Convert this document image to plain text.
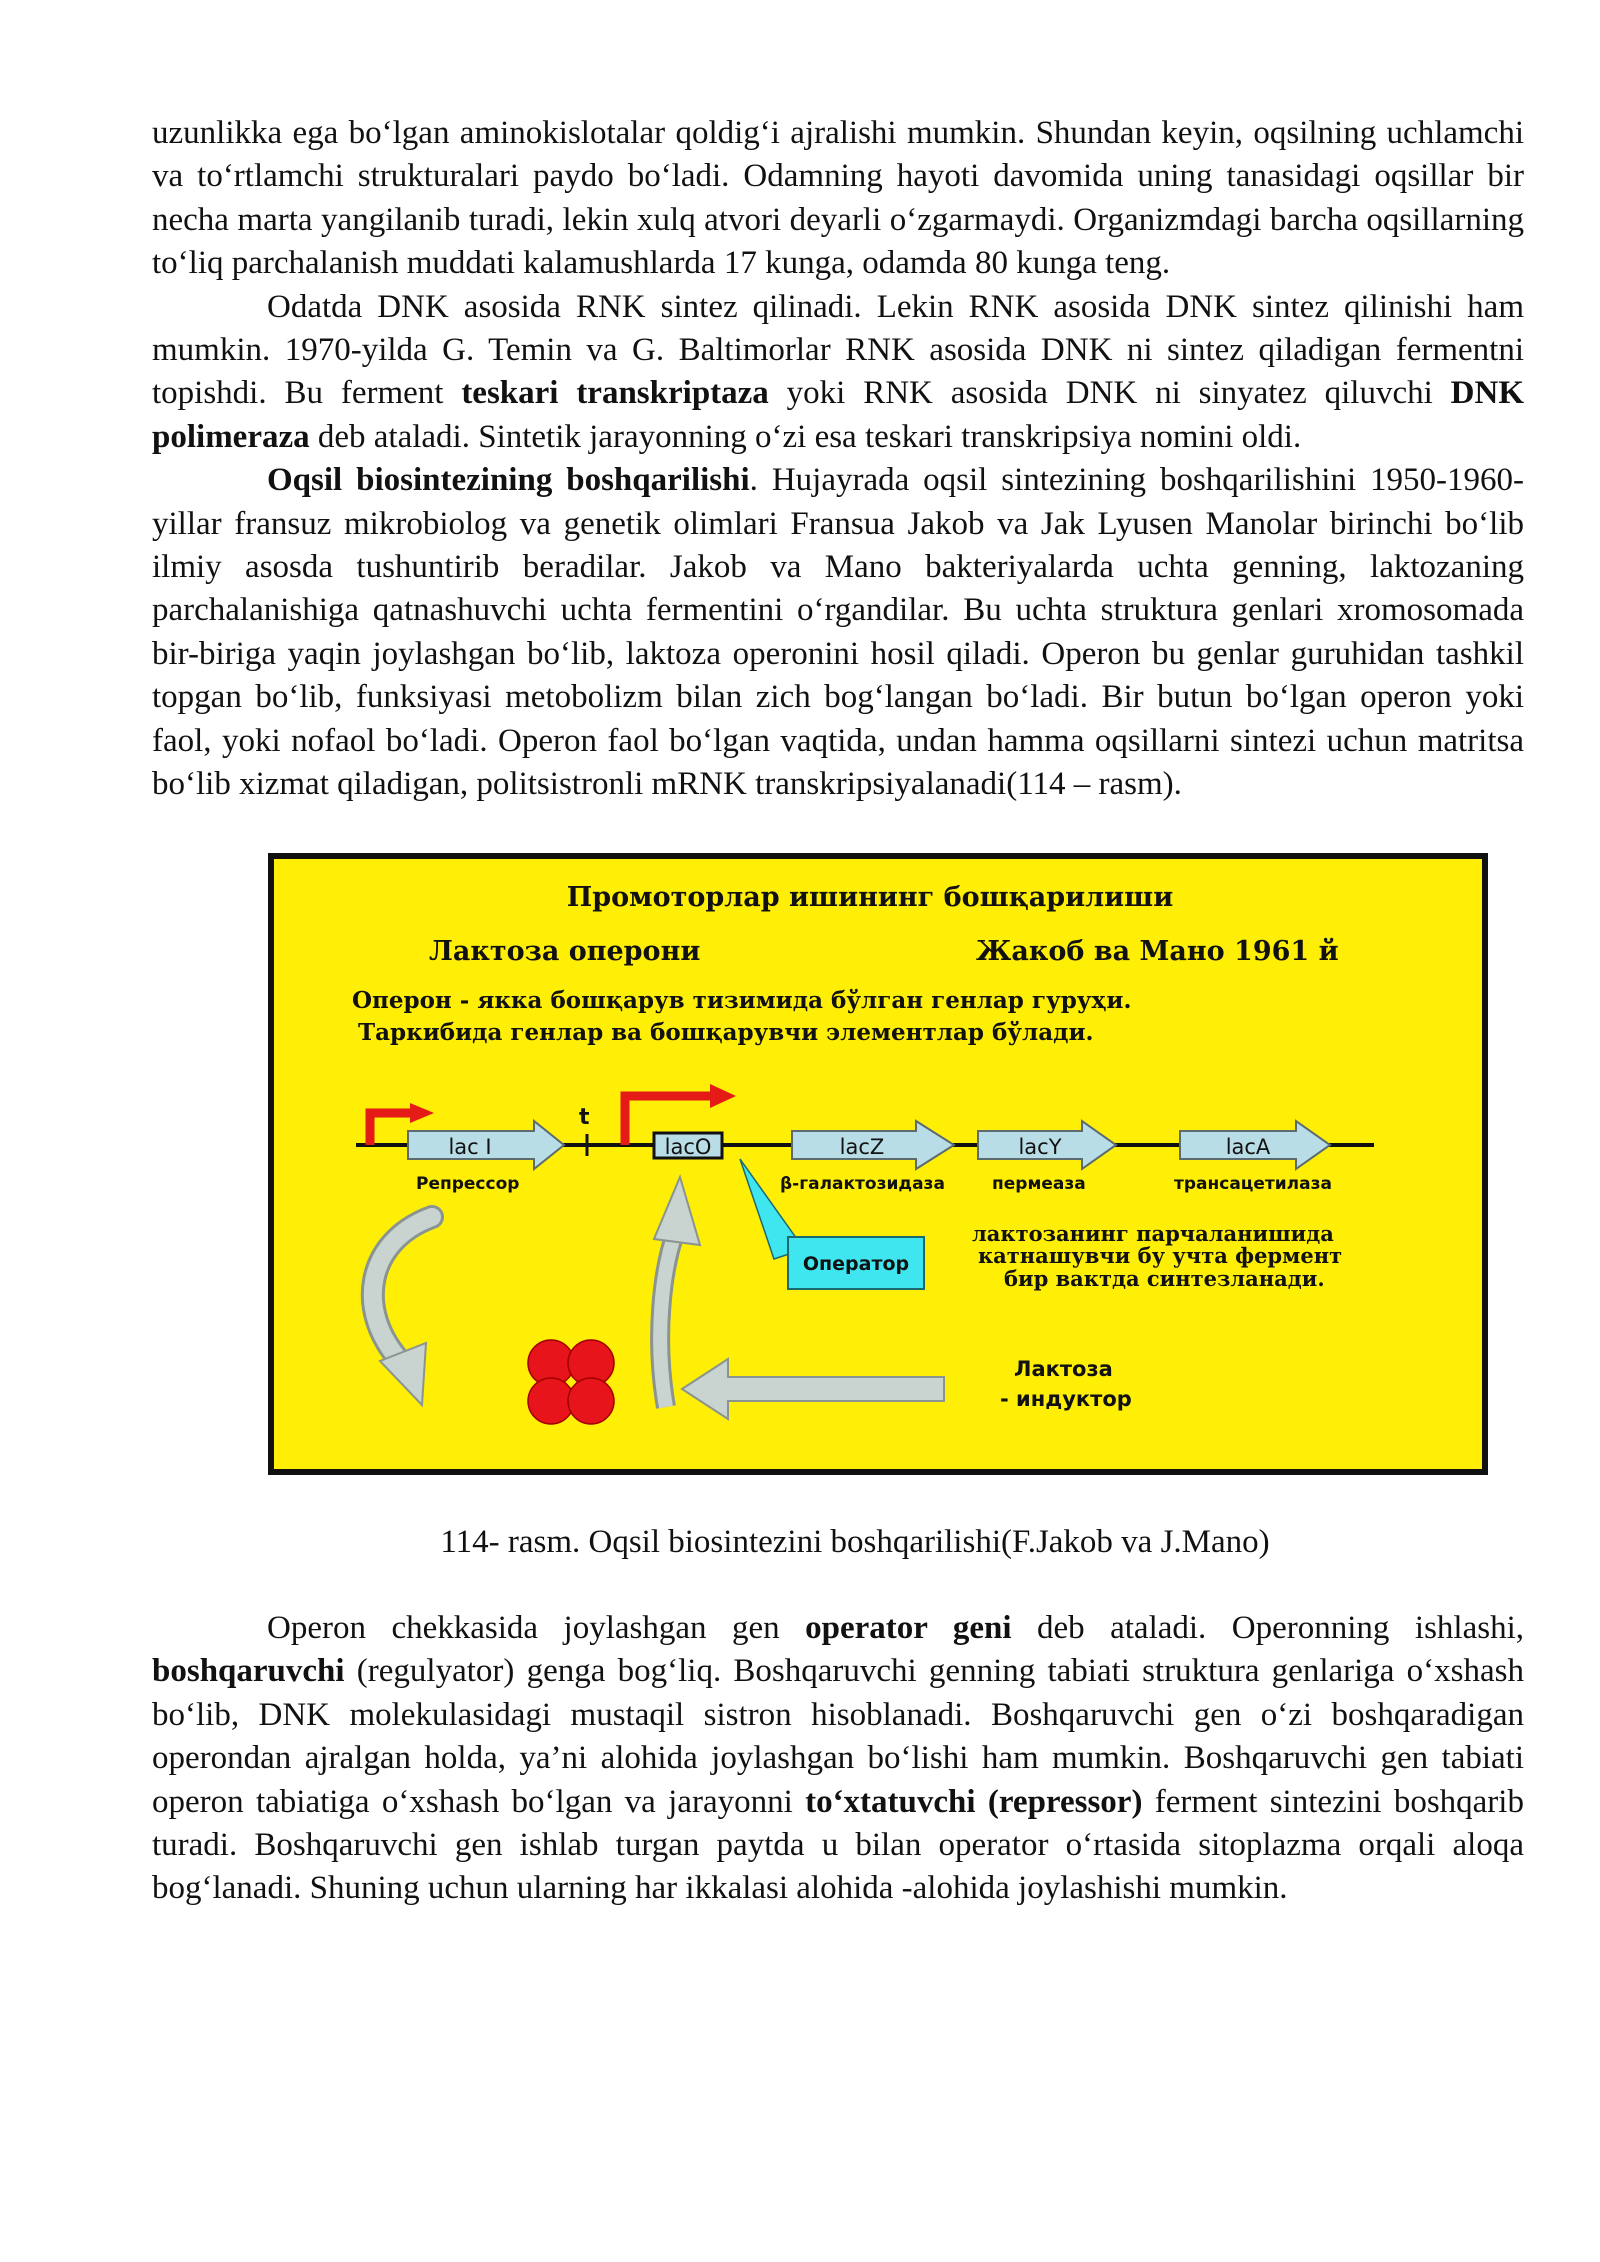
uzunlikka ega bo‘lgan aminokislotalar qoldig‘i ajralishi mumkin. Shundan keyin, oqsilning uchlamchi va to‘rtlamchi strukturalari paydo bo‘ladi. Odamning hayoti davomida uning tanasidagi oqsillar bir necha marta yangilanib turadi, lekin xulq atvori deyarli o‘zgarmaydi. Organizmdagi barcha oqsillarning to‘liq parchalanish muddati kalamushlarda 17 kunga, odamda 80 kunga teng.

Odatda DNK asosida RNK sintez qilinadi. Lekin RNK asosida DNK sintez qilinishi ham mumkin. 1970-yilda G. Temin va G. Baltimorlar RNK asosida DNK ni sintez qiladigan fermentni topishdi. Bu ferment teskari transkriptaza yoki RNK asosida DNK ni sinyatez qiluvchi DNK polimeraza deb ataladi. Sintetik jarayonning o‘zi esa teskari transkripsiya nomini oldi.

Oqsil biosintezining boshqarilishi. Hujayrada oqsil sintezining boshqarilishini 1950-1960-yillar fransuz mikrobiolog va genetik olimlari Fransua Jakob va Jak Lyusen Manolar birinchi bo‘lib ilmiy asosda tushuntirib beradilar. Jakob va Mano bakteriyalarda uchta genning, laktozaning parchalanishiga qatnashuvchi uchta fermentini o‘rgandilar. Bu uchta struktura genlari xromosomada bir-biriga yaqin joylashgan bo‘lib, laktoza operonini hosil qiladi. Operon bu genlar guruhidan tashkil topgan bo‘lib, funksiyasi metobolizm bilan zich bog‘langan bo‘ladi. Bir butun bo‘lgan operon yoki faol, yoki nofaol bo‘ladi. Operon faol bo‘lgan vaqtida, undan hamma oqsillarni sintezi uchun matritsa bo‘lib xizmat qiladigan, politsistronli mRNK transkripsiyalanadi(114 – rasm).

Промоторлар ишининг бошқарилиши
Лактоза оперони	Жакоб ва Мано 1961 й
Оперон - якка бошқарув тизимида бўлган генлар гуруҳи.
Таркибида генлар ва бошқарувчи элементлар бўлади.
lac I
Репрессор
t
lacO	lacZ
β-галактозидаза
lacY
пермеаза
lacA
трансацетилаза
Оператор
лактозанинг парчаланишида
катнашувчи бу учта фермент
бир вактда синтезланади.
Лактоза
- индуктор

114- rasm. Oqsil biosintezini boshqarilishi(F.Jakob va J.Mano)

Operon chekkasida joylashgan gen operator geni deb ataladi. Operonning ishlashi, boshqaruvchi (regulyator) genga bog‘liq. Boshqaruvchi genning tabiati struktura genlariga o‘xshash bo‘lib, DNK molekulasidagi mustaqil sistron hisoblanadi. Boshqaruvchi gen o‘zi boshqaradigan operondan ajralgan holda, ya’ni alohida joylashgan bo‘lishi ham mumkin. Boshqaruvchi gen tabiati operon tabiatiga o‘xshash bo‘lgan va jarayonni to‘xtatuvchi (repressor) ferment sintezini boshqarib turadi. Boshqaruvchi gen ishlab turgan paytda u bilan operator o‘rtasida sitoplazma orqali aloqa bog‘lanadi. Shuning uchun ularning har ikkalasi alohida -alohida joylashishi mumkin.
